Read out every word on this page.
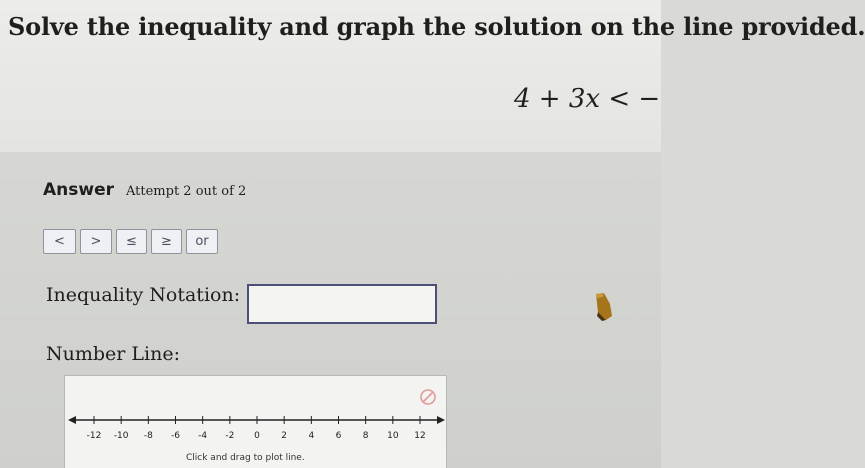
Solve the inequality and graph the solution on the line provided.
4 + 3x < −
Answer Attempt 2 out of 2
<	>	≤	≥	or
Inequality Notation:
Number Line:
-12 -10 -8 -6 -4 -2 0 2 4 6 8 10 12
Click and drag to plot line.
